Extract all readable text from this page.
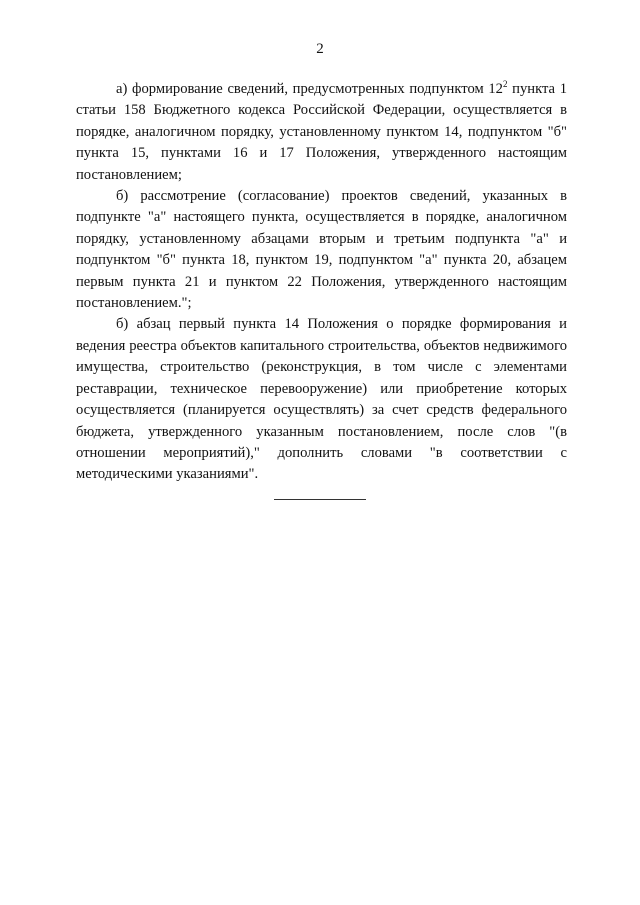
2

а) формирование сведений, предусмотренных подпунктом $12^2$ пункта 1 статьи 158 Бюджетного кодекса Российской Федерации, осуществляется в порядке, аналогичном порядку, установленному пунктом 14, подпунктом "б" пункта 15, пунктами 16 и 17 Положения, утвержденного настоящим постановлением;

б) рассмотрение (согласование) проектов сведений, указанных в подпункте "а" настоящего пункта, осуществляется в порядке, аналогичном порядку, установленному абзацами вторым и третьим подпункта "а" и подпунктом "б" пункта 18, пунктом 19, подпунктом "а" пункта 20, абзацем первым пункта 21 и пунктом 22 Положения, утвержденного настоящим постановлением.";

б) абзац первый пункта 14 Положения о порядке формирования и ведения реестра объектов капитального строительства, объектов недвижимого имущества, строительство (реконструкция, в том числе с элементами реставрации, техническое перевооружение) или приобретение которых осуществляется (планируется осуществлять) за счет средств федерального бюджета, утвержденного указанным постановлением, после слов "(в отношении мероприятий)," дополнить словами "в соответствии с методическими указаниями".
